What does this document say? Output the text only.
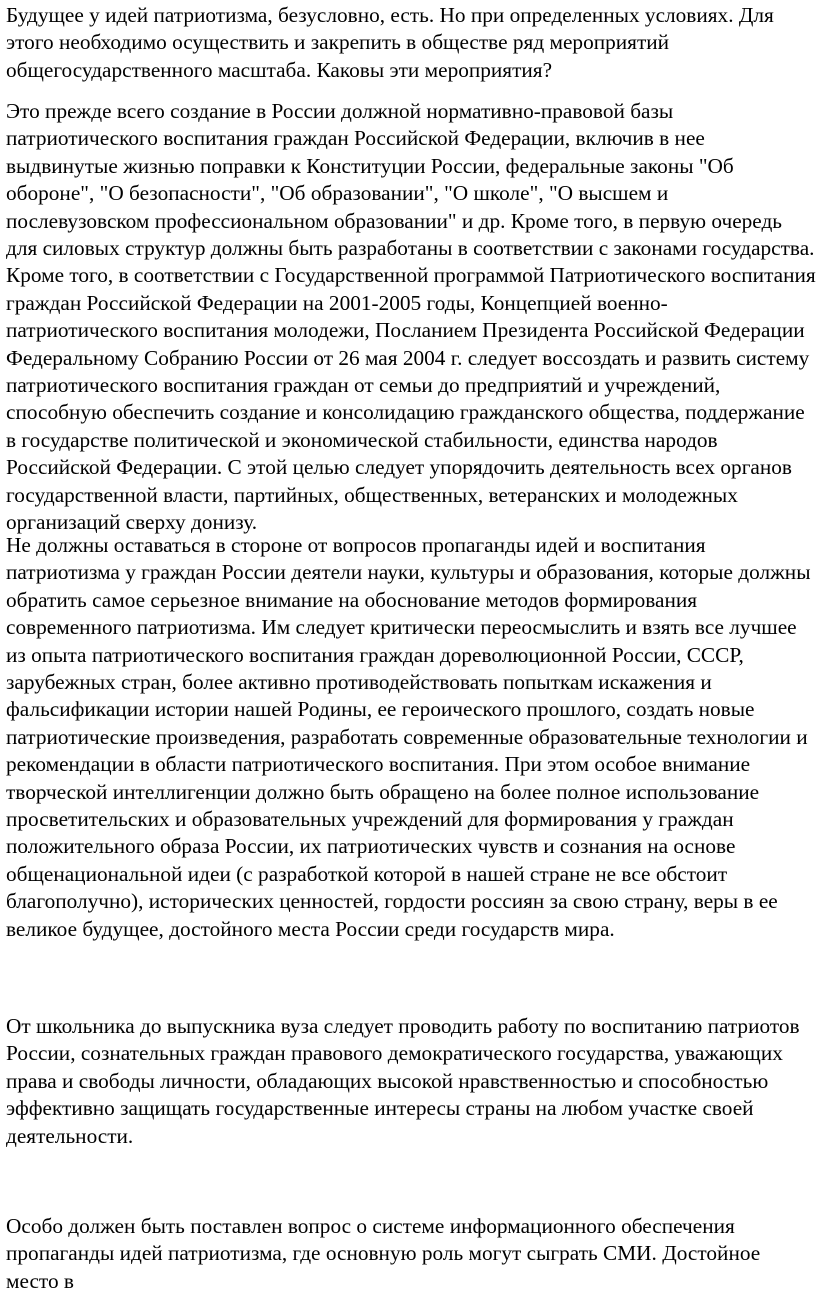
Будущее у идей патриотизма, безусловно, есть. Но при определенных условиях. Для этого необходимо осуществить и закрепить в обществе ряд мероприятий общегосударственного масштаба. Каковы эти мероприятия?

Это прежде всего создание в России должной нормативно-правовой базы патриотического воспитания граждан Российской Федерации, включив в нее выдвинутые жизнью поправки к Конституции России, федеральные законы "Об обороне", "О безопасности", "Об образовании", "О школе", "О высшем и послевузовском профессиональном образовании" и др. Кроме того, в первую очередь для силовых структур должны быть разработаны в соответствии с законами государства. Кроме того, в соответствии с Государственной программой Патриотического воспитания граждан Российской Федерации на 2001-2005 годы, Концепцией военно-патриотического воспитания молодежи, Посланием Президента Российской Федерации Федеральному Собранию России от 26 мая 2004 г. следует воссоздать и развить систему патриотического воспитания граждан от семьи до предприятий и учреждений, способную обеспечить создание и консолидацию гражданского общества, поддержание в государстве политической и экономической стабильности, единства народов Российской Федерации. С этой целью следует упорядочить деятельность всех органов государственной власти, партийных, общественных, ветеранских и молодежных организаций сверху донизу.

Не должны оставаться в стороне от вопросов пропаганды идей и воспитания патриотизма у граждан России деятели науки, культуры и образования, которые должны обратить самое серьезное внимание на обоснование методов формирования современного патриотизма. Им следует критически переосмыслить и взять все лучшее из опыта патриотического воспитания граждан дореволюционной России, СССР, зарубежных стран, более активно противодействовать попыткам искажения и фальсификации истории нашей Родины, ее героического прошлого, создать новые патриотические произведения, разработать современные образовательные технологии и рекомендации в области патриотического воспитания. При этом особое внимание творческой интеллигенции должно быть обращено на более полное использование просветительских и образовательных учреждений для формирования у граждан положительного образа России, их патриотических чувств и сознания на основе общенациональной идеи (с разработкой которой в нашей стране не все обстоит благополучно), исторических ценностей, гордости россиян за свою страну, веры в ее великое будущее, достойного места России среди государств мира.

От школьника до выпускника вуза следует проводить работу по воспитанию патриотов России, сознательных граждан правового демократического государства, уважающих права и свободы личности, обладающих высокой нравственностью и способностью эффективно защищать государственные интересы страны на любом участке своей деятельности.

Особо должен быть поставлен вопрос о системе информационного обеспечения пропаганды идей патриотизма, где основную роль могут сыграть СМИ. Достойное место в
